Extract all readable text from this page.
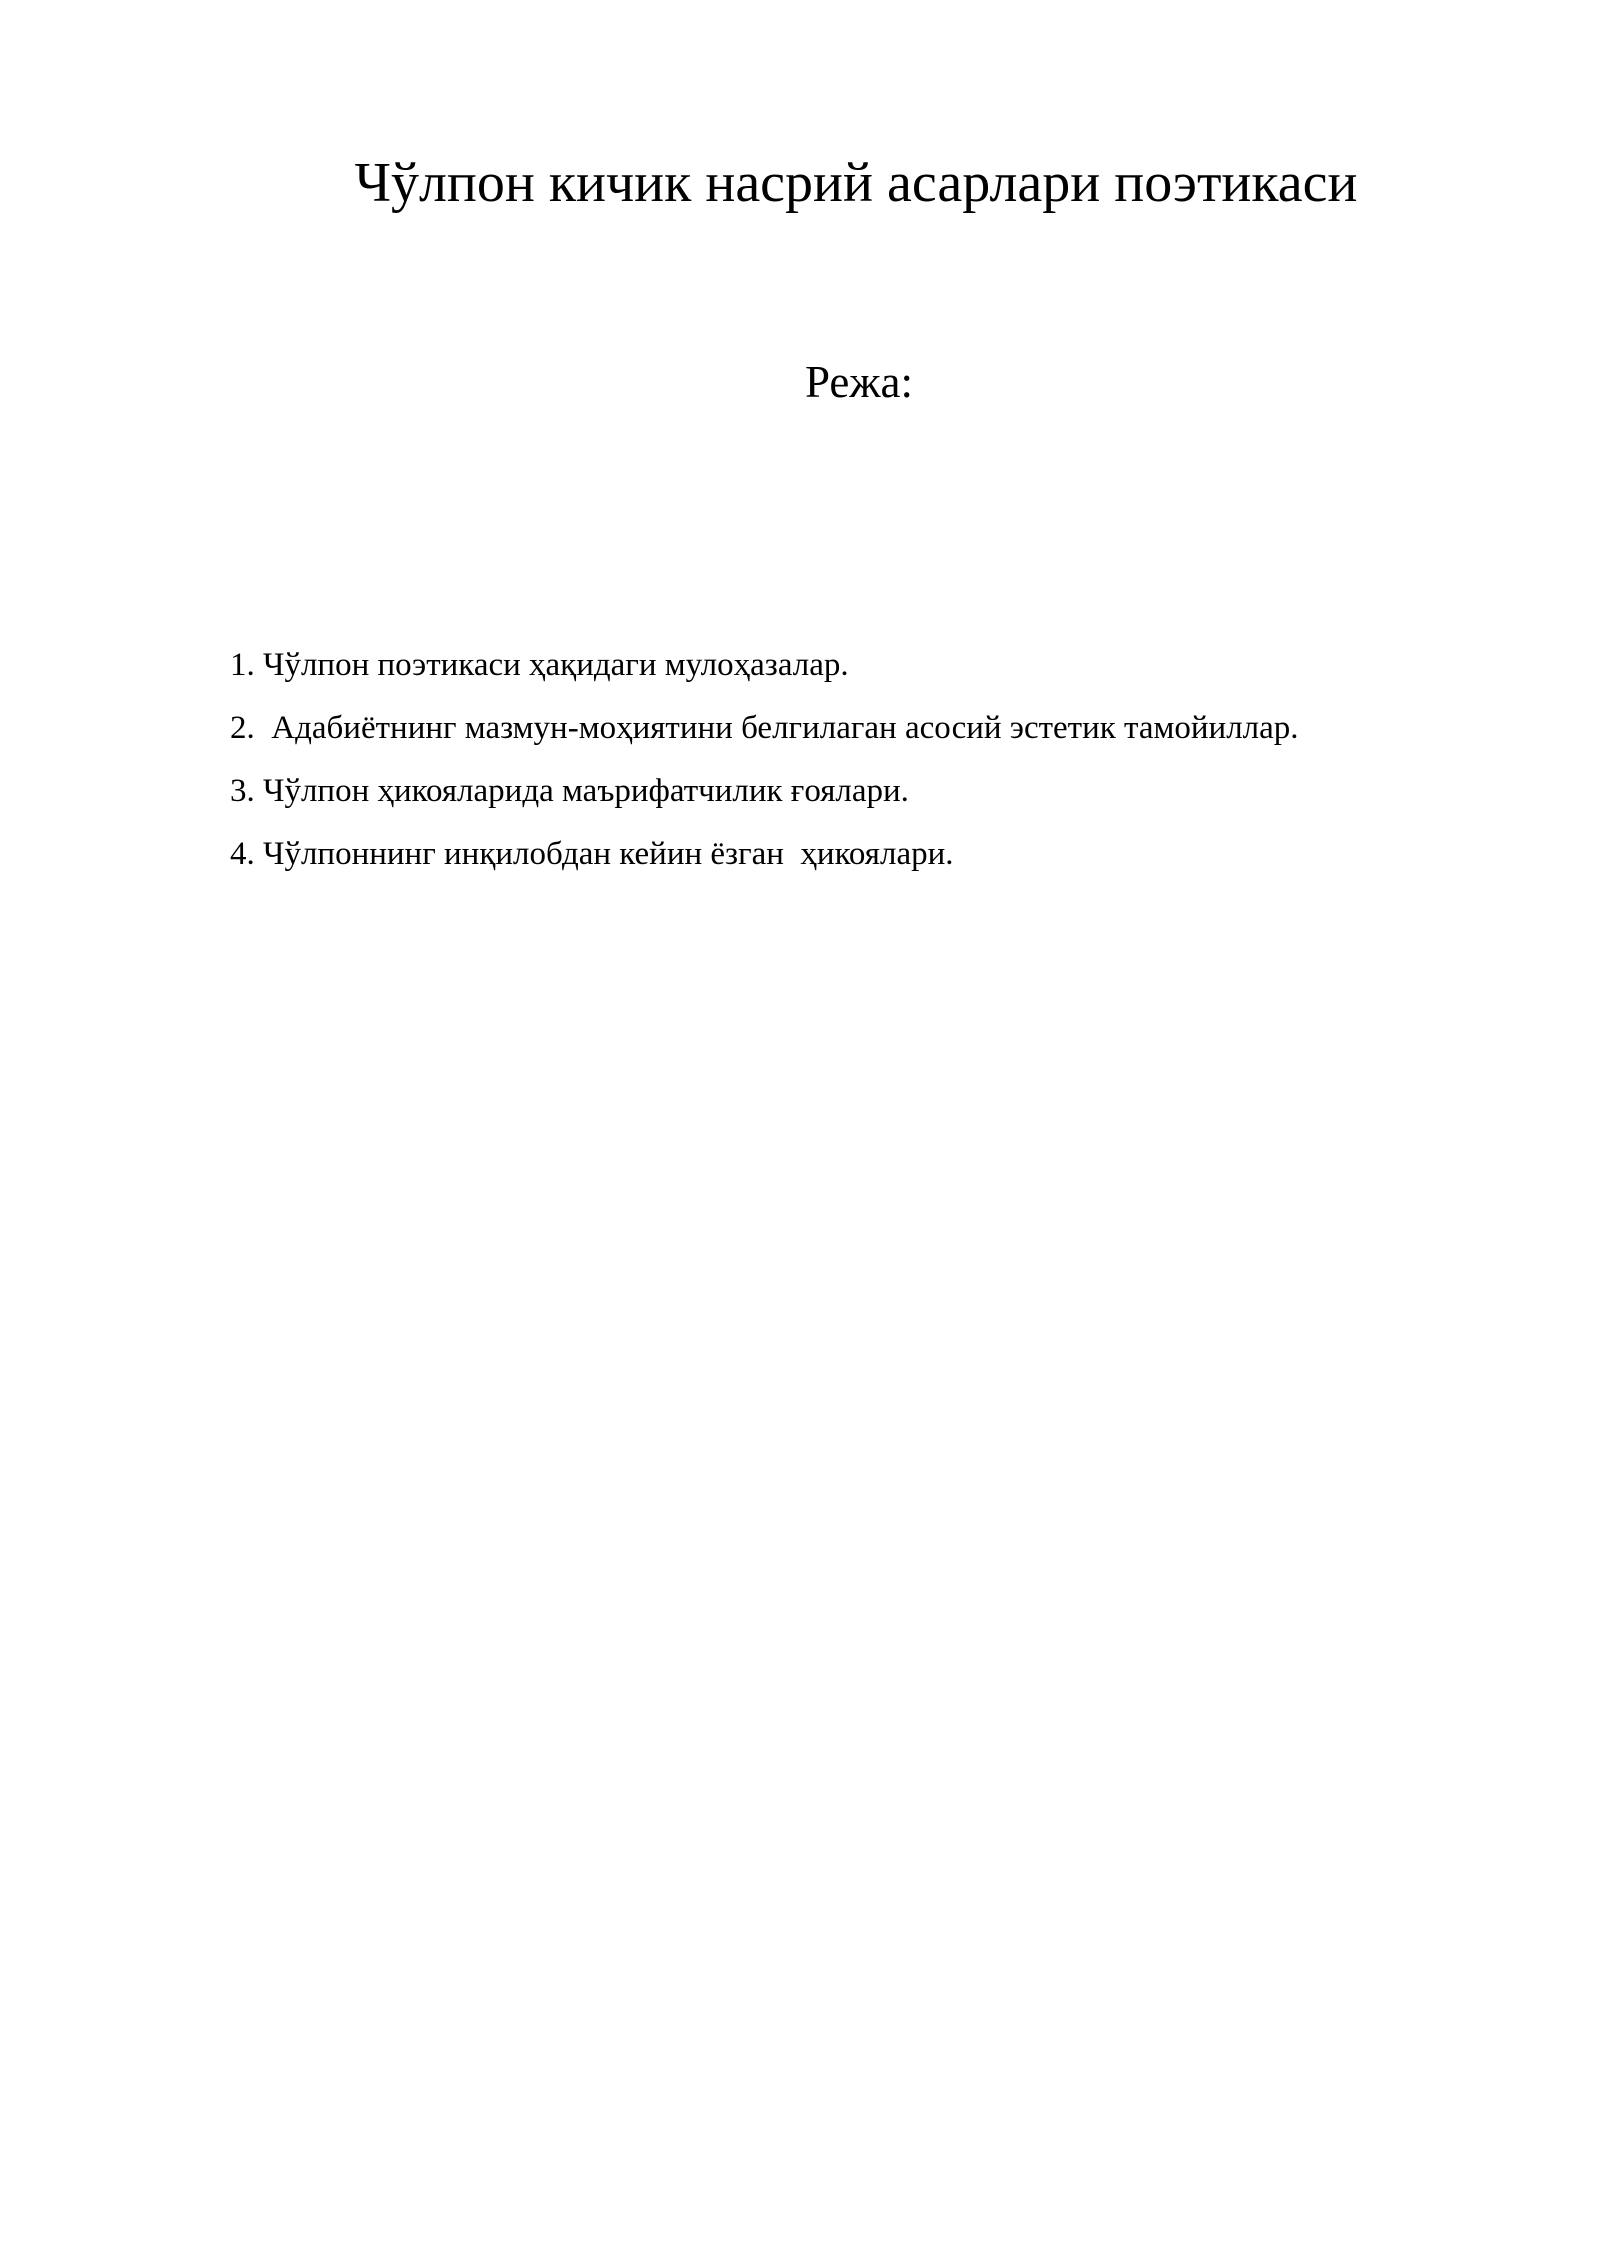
Чўлпон кичик насрий асарлари поэтикаси
Режа:
1. Чўлпон поэтикаси ҳақидаги мулоҳазалар.
2.  Адабиётнинг мазмун-моҳиятини белгилаган асосий эстетик тамойиллар.
3. Чўлпон ҳикояларида маърифатчилик ғоялари.
4. Чўлпоннинг инқилобдан кейин ёзган  ҳикоялари.
